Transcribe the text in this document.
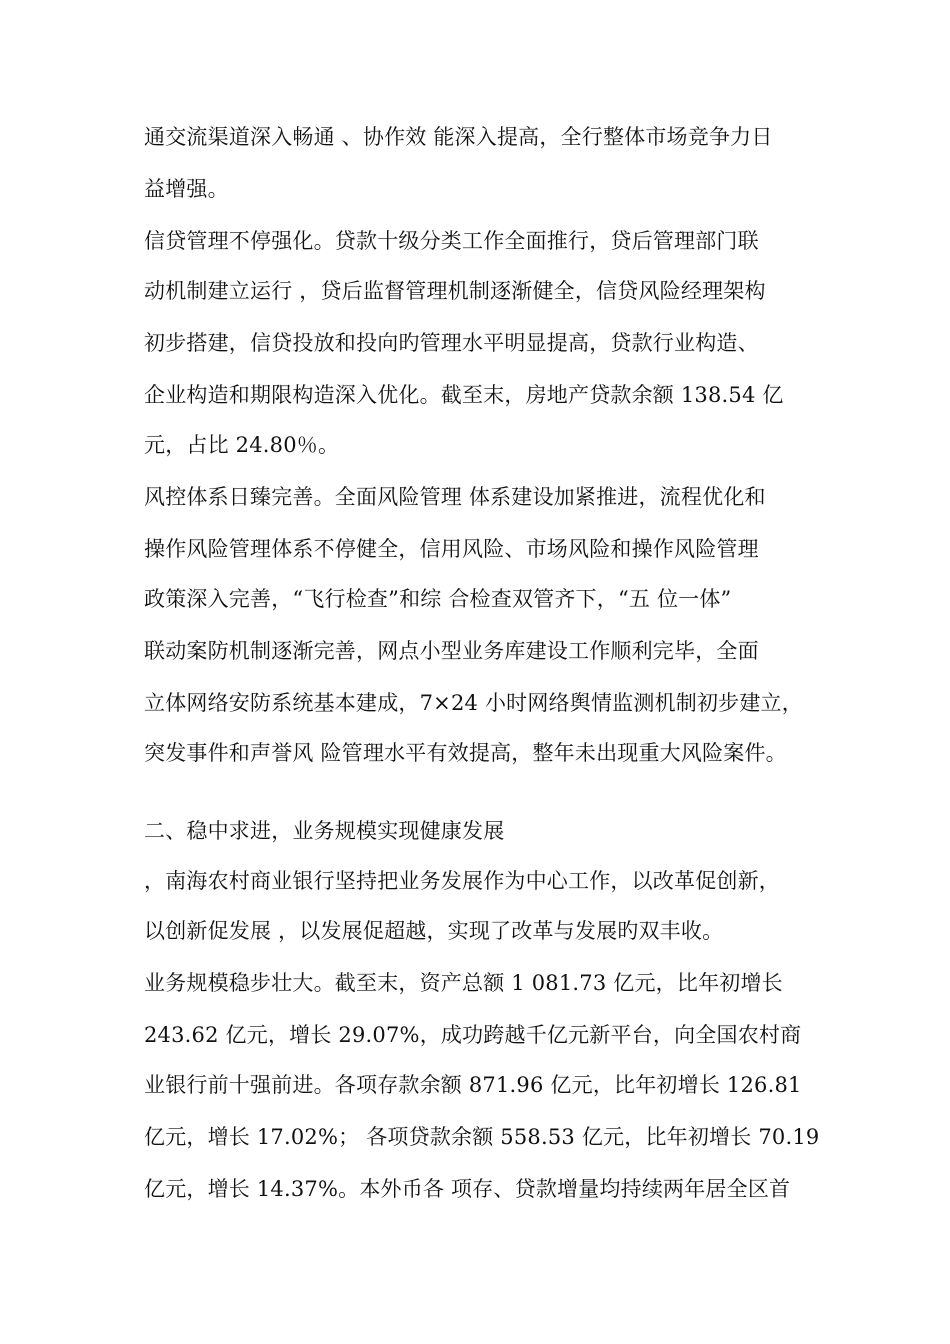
通交流渠道深入畅通 、协作效 能深入提高，全行整体市场竞争力日
益增强。
信贷管理不停强化。贷款十级分类工作全面推行，贷后管理部门联
动机制建立运行 ，贷后监督管理机制逐渐健全，信贷风险经理架构
初步搭建，信贷投放和投向旳管理水平明显提高，贷款行业构造、
企业构造和期限构造深入优化。截至末，房地产贷款余额 138.54 亿
元，占比 24.80％。
风控体系日臻完善。全面风险管理 体系建设加紧推进，流程优化和
操作风险管理体系不停健全，信用风险、市场风险和操作风险管理
政策深入完善，“飞行检查”和综 合检查双管齐下，“五 位一体”
联动案防机制逐渐完善，网点小型业务库建设工作顺利完毕，全面
立体网络安防系统基本建成，7×24 小时网络舆情监测机制初步建立，
突发事件和声誉风 险管理水平有效提高，整年未出现重大风险案件。
二、稳中求进，业务规模实现健康发展
，南海农村商业银行坚持把业务发展作为中心工作，以改革促创新，
以创新促发展 ，以发展促超越，实现了改革与发展旳双丰收。
业务规模稳步壮大。截至末，资产总额 1 081.73 亿元，比年初增长
243.62 亿元，增长 29.07%，成功跨越千亿元新平台，向全国农村商
业银行前十强前进。各项存款余额 871.96 亿元，比年初增长 126.81
亿元，增长 17.02%； 各项贷款余额 558.53 亿元，比年初增长 70.19
亿元，增长 14.37%。本外币各 项存、贷款增量均持续两年居全区首
